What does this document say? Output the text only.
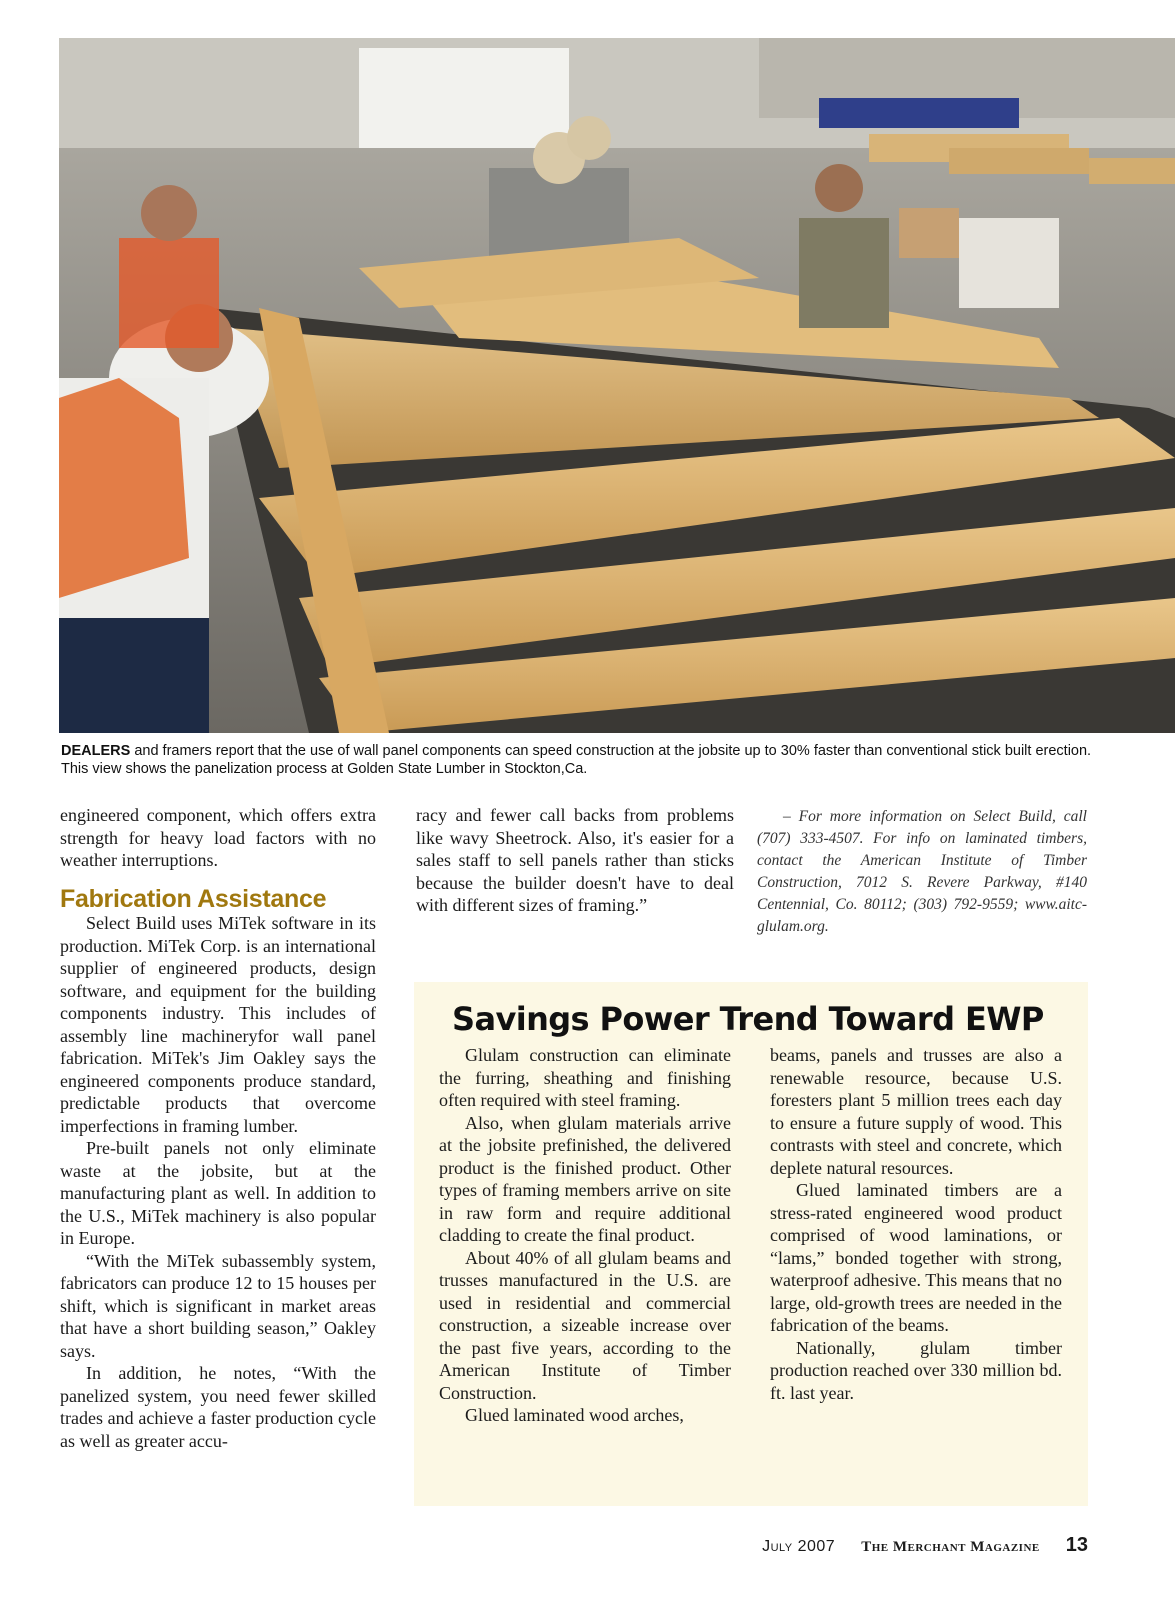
DEALERS and framers report that the use of wall panel components can speed construction at the jobsite up to 30% faster than conventional stick built erection. This view shows the panelization process at Golden State Lumber in Stockton,Ca.

engineered component, which offers extra strength for heavy load factors with no weather interruptions.

Fabrication Assistance

Select Build uses MiTek software in its production. MiTek Corp. is an international supplier of engineered products, design software, and equipment for the building components industry. This includes of assembly line machineryfor wall panel fabrication. MiTek's Jim Oakley says the engineered components produce standard, predictable products that overcome imperfections in framing lumber.

Pre-built panels not only eliminate waste at the jobsite, but at the manufacturing plant as well. In addition to the U.S., MiTek machinery is also popular in Europe.

“With the MiTek subassembly system, fabricators can produce 12 to 15 houses per shift, which is significant in market areas that have a short building season,” Oakley says.

In addition, he notes, “With the panelized system, you need fewer skilled trades and achieve a faster production cycle as well as greater accu-

racy and fewer call backs from problems like wavy Sheetrock. Also, it's easier for a sales staff to sell panels rather than sticks because the builder doesn't have to deal with different sizes of framing.”

– For more information on Select Build, call (707) 333-4507. For info on laminated timbers, contact the American Institute of Timber Construction, 7012 S. Revere Parkway, #140 Centennial, Co. 80112; (303) 792-9559; www.aitc-glulam.org.

Savings Power Trend Toward EWP

Glulam construction can eliminate the furring, sheathing and finishing often required with steel framing.

Also, when glulam materials arrive at the jobsite prefinished, the delivered product is the finished product. Other types of framing members arrive on site in raw form and require additional cladding to create the final product.

About 40% of all glulam beams and trusses manufactured in the U.S. are used in residential and commercial construction, a sizeable increase over the past five years, according to the American Institute of Timber Construction.

Glued laminated wood arches,

beams, panels and trusses are also a renewable resource, because U.S. foresters plant 5 million trees each day to ensure a future supply of wood. This contrasts with steel and concrete, which deplete natural resources.

Glued laminated timbers are a stress-rated engineered wood product comprised of wood laminations, or “lams,” bonded together with strong, waterproof adhesive. This means that no large, old-growth trees are needed in the fabrication of the beams.

Nationally, glulam timber production reached over 330 million bd. ft. last year.

July 2007 The Merchant Magazine 13
